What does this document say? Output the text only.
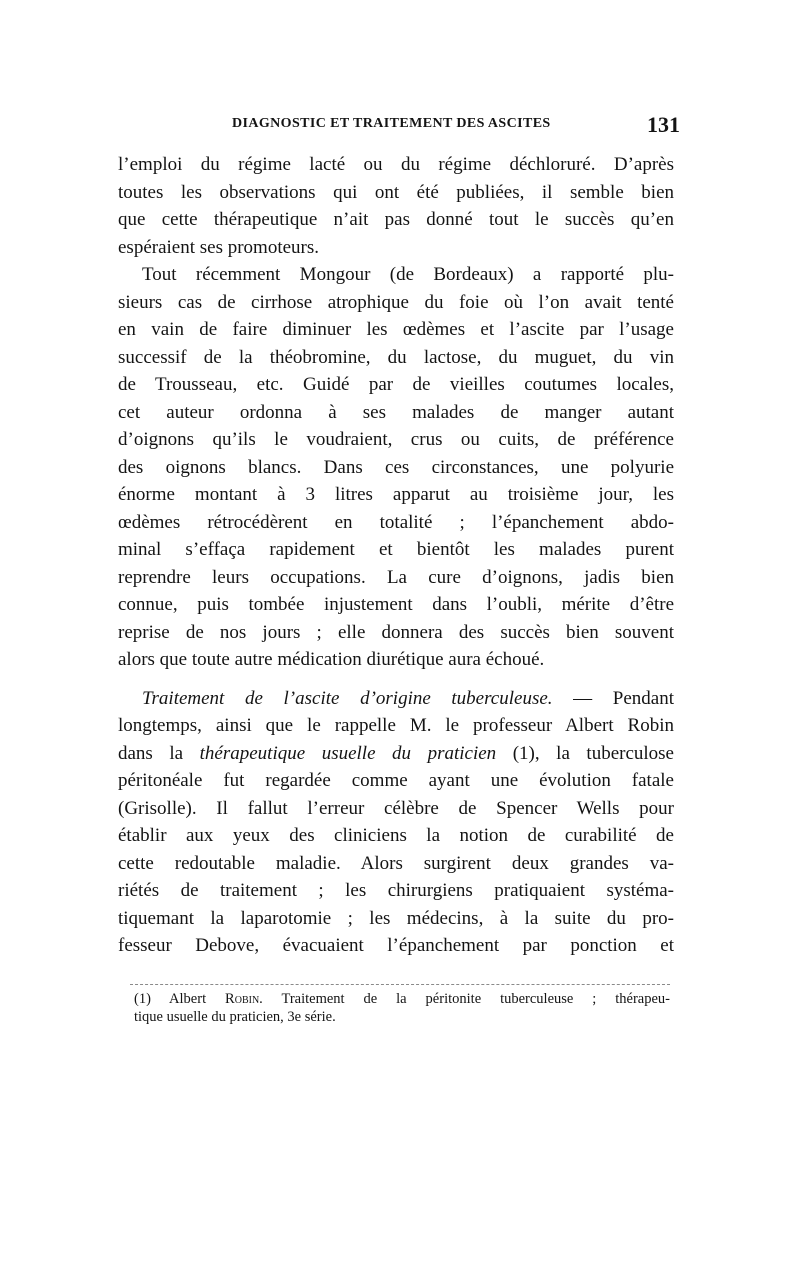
DIAGNOSTIC ET TRAITEMENT DES ASCITES	131
l’emploi du régime lacté ou du régime déchloruré. D’après
toutes les observations qui ont été publiées, il semble bien
que cette thérapeutique n’ait pas donné tout le succès qu’en
espéraient ses promoteurs.
Tout récemment Mongour (de Bordeaux) a rapporté plu-
sieurs cas de cirrhose atrophique du foie où l’on avait tenté
en vain de faire diminuer les œdèmes et l’ascite par l’usage
successif de la théobromine, du lactose, du muguet, du vin
de Trousseau, etc. Guidé par de vieilles coutumes locales,
cet auteur ordonna à ses malades de manger autant
d’oignons qu’ils le voudraient, crus ou cuits, de préférence
des oignons blancs. Dans ces circonstances, une polyurie
énorme montant à 3 litres apparut au troisième jour, les
œdèmes rétrocédèrent en totalité ; l’épanchement abdo-
minal s’effaça rapidement et bientôt les malades purent
reprendre leurs occupations. La cure d’oignons, jadis bien
connue, puis tombée injustement dans l’oubli, mérite d’être
reprise de nos jours ; elle donnera des succès bien souvent
alors que toute autre médication diurétique aura échoué.
Traitement de l’ascite d’origine tuberculeuse. — Pendant
longtemps, ainsi que le rappelle M. le professeur Albert Robin
dans la thérapeutique usuelle du praticien (1), la tuberculose
péritonéale fut regardée comme ayant une évolution fatale
(Grisolle). Il fallut l’erreur célèbre de Spencer Wells pour
établir aux yeux des cliniciens la notion de curabilité de
cette redoutable maladie. Alors surgirent deux grandes va-
riétés de traitement ; les chirurgiens pratiquaient systéma-
tiquemant la laparotomie ; les médecins, à la suite du pro-
fesseur Debove, évacuaient l’épanchement par ponction et
(1) Albert Robin. Traitement de la péritonite tuberculeuse ; thérapeu-
tique usuelle du praticien, 3e série.
